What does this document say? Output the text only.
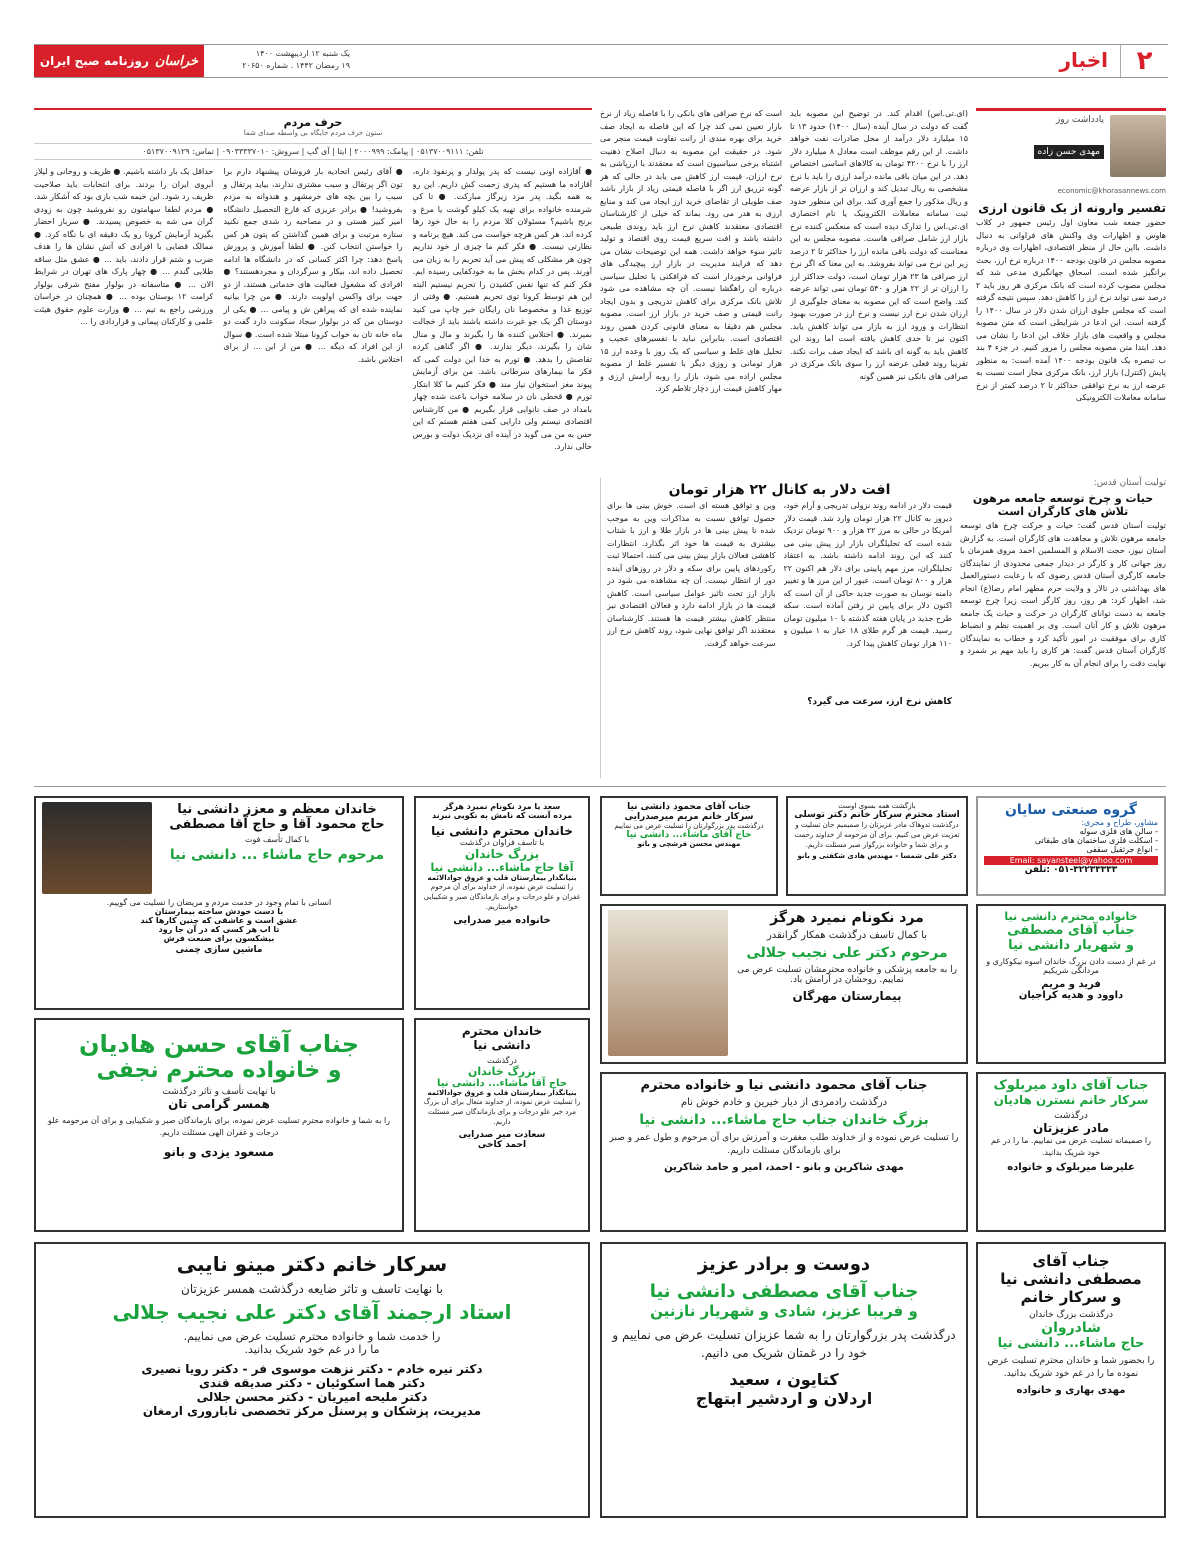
۲
اخبار
یک شنبه ۱۲ اردیبهشت ۱۴۰۰
۱۹ رمضان ۱۴۴۲ . شماره ۲۰۶۵۰
خراسان
روزنامه صبح ایران
یادداشت روز
مهدی حسن زاده
economic@khorasannews.com
تفسیر وارونه از یک قانون ارزی
حضور جمعه شب معاون اول رئیس جمهور در کلاب هاوس و اظهارات وی واکنش های فراوانی به دنبال داشت. بااین حال از منظر اقتصادی، اظهارات وی درباره مصوبه مجلس در قانون بودجه ۱۴۰۰ درباره نرخ ارز، بحث برانگیز شده است. اسحاق جهانگیری مدعی شد که مجلس مصوب کرده است که بانک مرکزی هر روز باید ۲ درصد نمی تواند نرخ ارز را کاهش دهد. سپس نتیجه گرفته است که مجلس جلوی ارزان شدن دلار در سال ۱۴۰۰ را گرفته است. این ادعا در شرایطی است که متن مصوبه مجلس و واقعیت های بازار خلاف این ادعا را نشان می دهد. ابتدا متن مصوبه مجلس را مرور کنیم. در جزء ۴ بند ب تبصره یک قانون بودجه ۱۴۰۰ آمده است: به منظور پایش (کنترل) بازار ارز، بانک مرکزی مجاز است نسبت به عرضه ارز به نرخ توافقی حداکثر تا ۲ درصد کمتر از نرخ سامانه معاملات الکترونیکی
(ای.تی.اس) اقدام کند. در توضیح این مصوبه باید گفت که دولت در سال آینده (سال ۱۴۰۰) حدود ۱۳ تا ۱۵ میلیارد دلار درآمد از محل صادرات نفت خواهد داشت. از این رقم موظف است معادل ۸ میلیارد دلار ارز را با نرخ ۴۲۰۰ تومان به کالاهای اساسی اختصاص دهد. در این میان باقی مانده درآمد ارزی را باید با نرخ مشخصی به ریال تبدیل کند و ارزان تر از بازار عرضه و ریال مذکور را جمع آوری کند. برای این منظور حدود ثبت سامانه معاملات الکترونیک یا نام اختصاری ای.تی.اس را تدارک دیده است که منعکس کننده نرخ بازار ارز شامل صرافی هاست. مصوبه مجلس به این معناست که دولت باقی مانده ارز را حداکثر تا ۲ درصد زیر این نرخ می تواند بفروشد. به این معنا که اگر نرخ ارز صرافی ها ۲۳ هزار تومان است، دولت حداکثر ارز را ارزان تر از ۲۲ هزار و ۵۴۰ تومان نمی تواند عرضه کند. واضح است که این مصوبه به معنای جلوگیری از ارزان شدن نرخ ارز نیست و نرخ ارز در صورت بهبود انتظارات و ورود ارز به بازار می تواند کاهش یابد. اکنون نیز تا حدی کاهش یافته است اما روند این کاهش باید به گونه ای باشد که ایجاد صف برات نکند. تقریبا روند فعلی عرضه ارز را سوی بانک مرکزی در صرافی های بانکی نیز همین گونه
است که نرخ صرافی های بانکی را با فاصله زیاد از نرخ بازار تعیین نمی کند چرا که این فاصله به ایجاد صف خرید برای بهره مندی از رانت تفاوت قیمت منجر می شود. در حقیقت این مصوبه به دنبال اصلاح ذهنیت اشتباه برخی سیاسیون است که معتقدند با ارزپاشی به نرخ ارزان، قیمت ارز کاهش می یابد در حالی که هر گونه تزریق ارز اگر با فاصله قیمتی زیاد از بازار باشد صف طویلی از تقاضای خرید ارز ایجاد می کند و منابع ارزی به هدر می رود. بماند که خیلی از کارشناسان اقتصادی معتقدند کاهش نرخ ارز باید روندی طبیعی داشته باشد و افت سریع قیمت روی اقتصاد و تولید تاثیر سوء خواهد داشت. همه این توضیحات نشان می دهد که فرایند مدیریت در بازار ارز پیچیدگی های فراوانی برخوردار است که فرافکنی یا تحلیل سیاسی درباره آن راهگشا نیست. آن چه مشاهده می شود تلاش بانک مرکزی برای کاهش تدریجی و بدون ایجاد رانت قیمتی و صف خرید در بازار ارز است. مصوبه مجلس هم دقیقا به معنای قانونی کردن همین روند اقتصادی است. بنابراین نباید با تفسیرهای عجیب و تحلیل های غلط و سیاسی که یک روز با وعده ارز ۱۵ هزار تومانی و روزی دیگر با تفسیر غلط از مصوبه مجلس اراده می شود، بازار را روبه آرامش ارزی و مهار کاهش قیمت ارز دچار تلاطم کرد.
حرف مردم
ستون حرف مردم جایگاه بی واسطه صدای شما
تلفن: ۰۵۱۳۷۰۰۹۱۱۱ | پیامک: ۲۰۰۰۹۹۹ | ایتا | آی گپ | سروش: ۰۹۰۳۳۳۳۷۰۱۰ | تماس: ۰۵۱۳۷۰۰۹۱۲۹
● آقازاده اونی نیست که پدر پولدار و پرنفوذ داره، آقازاده ما هستیم که پدری زحمت کش داریم. این رو به همه بگید. پدر مرد زیرگاز مبارکت. ● تا کی شرمنده خانواده برای تهیه یک کیلو گوشت یا مرغ و برنج باشیم؟ مسئولان کلا مردم را به حال خود رها کرده اند. هر کس هرچه خواست می کند. هیچ برنامه و نظارتی نیست. ● فکر کنم ما چیزی از خود نداریم چون هر مشکلی که پیش می آید تحریم را به زبان می آورند. پس در کدام بخش ما به خودکفایی رسیده ایم. فکر کنم که تنها نفس کشیدن را تحریم نیستیم البته این هم توسط کرونا توی تحریم هستیم. ● وقتی از توزیع غذا و مخصوصا نان رایگان خبر چاپ می کنید دوستان اگر یک جو غیرت داشته باشند باید از خجالت بمیرند. ● اختلاس کننده ها را بگیرند و مال و منال شان را بگیرند، دیگر ندارند. ● اگر گناهی کرده تقاصش را بدهد. ● تورم به خدا این دولت کمی که فکر ما بیمارهای سرطانی باشد. من برای آزمایش پیوند مغز استخوان نیاز مند ● فکر کنیم ما کلا ابتکار تورم ● قحطی نان در سلامه خواب باعث شده چهار بامداد در صف نانوایی قرار بگیریم ● من کارشناس اقتصادی نیستم ولی دارایی کمی هفتم هستم که این حس به من می گوید در آینده ای نزدیک دولت و بورس حالی ندارد.
● آقای رئیس اتحادیه بار فروشان پیشنهاد دارم برا تون اگر پرتقال و سیب مشتری ندارند، بیاید پرتقال و سیب را بین بچه های خرمشهر و هندوانه به مردم بفروشید! ● برادر عزیزی که فارغ التحصیل دانشگاه امیر کبیر هستی و در مصاحبه رد شدی جمع نکنید ستاره مرتبت و برای همین گذاشتن که پتون هر کس را خواستن انتخاب کنن. ● لطفا آموزش و پرورش پاسخ دهد: چرا اکثر کسانی که در دانشگاه ها ادامه تحصیل داده اند، بیکار و سرگردان و مجردهستند؟ ● افرادی که مشغول فعالیت های خدماتی هستند، از دو جهت برای واکسن اولویت دارند. ● من چرا بیانیه نماینده شده ای که پیراهن ش و پیامی ... ● یکی از دوستان من که در بولوار سجاد سکونت دارد گفت دو ماه خانه تان به خواب کرونا مبتلا شده است. ● سوال از این افراد که دیگه ... ● من از این ... از برای اختلاس باشد.
حداقل یک بار داشته باشیم. ● ظریف و روحانی و لیلاز آبروی ایران را بردند. برای انتخابات باید صلاحیت ظریف رد شود. این خیمه شب بازی بود که آشکار شد. ● مردم لطفا سهامتون رو نفروشید چون به زودی گران می شه به خصوص پسیدند. ● سرباز احضار بگیرید آزمایش کرونا رو یک دقیقه ای با نگاه کرد. ● ممالک قضایی با افرادی که آتش نشان ها را هدف ضرب و شتم قرار دادند، باید ... ● عشق مثل ساقه طلایی گندم ... ● چهار پارک های تهران در شرایط الان ... ● متاسفانه در بولوار مفتح شرقی بولوار کرامت ۱۲ بوستان بوده ... ● همچنان در خراسان ورزشی راجع به تیم ... ● وزارت علوم حقوق هیئت علمی و کارکنان پیمانی و قراردادی را ...
تولیت آستان قدس:
حیات و چرخ توسعه جامعه مرهون تلاش های کارگران است
تولیت آستان قدس گفت: حیات و حرکت چرخ های توسعه جامعه مرهون تلاش و مجاهدت های کارگران است. به گزارش آستان نیوز، حجت الاسلام و المسلمین احمد مروی همزمان با روز جهانی کار و کارگر در دیدار جمعی محدودی از نمایندگان جامعه کارگری آستان قدس رضوی که با رعایت دستورالعمل های بهداشتی در تالار و ولایت حرم مطهر امام رضا(ع) انجام شد، اظهار کرد: هر روز، روز کارگر است زیرا چرخ توسعه جامعه به دست توانای کارگران در حرکت و حیات یک جامعه مرهون تلاش و کار آنان است. وی بر اهمیت نظم و انضباط کاری برای موفقیت در امور تأکید کرد و خطاب به نمایندگان کارگران آستان قدس گفت: هر کاری را باید مهم بر شمرد و نهایت دقت را برای انجام آن به کار ببریم.
افت دلار به کانال ۲۲ هزار تومان
قیمت دلار در ادامه روند نزولی تدریجی و آرام خود، دیروز به کانال ۲۲ هزار تومان وارد شد. قیمت دلار آمریکا در حالی به مرز ۲۲ هزار و ۹۰۰ تومان نزدیک شده است که تحلیلگران بازار ارز پیش بینی می کنند که این روند ادامه داشته باشد. به اعتقاد تحلیلگران، مرز مهم پایینی برای دلار هم اکنون ۲۲ هزار و ۸۰۰ تومان است. عبور از این مرز ها و تغییر دامنه نوسان به صورت جدید حاکی از آن است که اکنون دلار برای پایین تر رفتن آماده است. سکه طرح جدید در پایان هفته گذشته با ۱۰ میلیون تومان رسید. قیمت هر گرم طلای ۱۸ عیار به ۱ میلیون و ۱۱۰ هزار تومان کاهش پیدا کرد.
کاهش نرخ ارز، سرعت می گیرد؟
وین و توافق هسته ای است. خوش بینی ها برای حصول توافق نسبت به مذاکرات وین به موجب شده تا پیش بینی ها در بازار طلا و ارز با شتاب بیشتری به قیمت ها خود اثر بگذارد. انتظارات کاهشی فعالان بازار بیش بینی می کنند، احتمالا ثبت رکوردهای پایین برای سکه و دلار در روزهای آینده دور از انتظار نیست. آن چه مشاهده می شود در بازار ارز تحت تاثیر عوامل سیاسی است. کاهش قیمت ها در بازار ادامه دارد و فعالان اقتصادی نیز منتظر کاهش بیشتر قیمت ها هستند. کارشناسان معتقدند اگر توافق نهایی شود، روند کاهش نرخ ارز سرعت خواهد گرفت.
گروه صنعتی سایان
مشاور، طراح و مجری:
- سالن های فلزی سوله
- اسکلت فلزی ساختمان های طبقاتی
- انواع جرثقیل سقفی
Email: sayansteel@yahoo.com
۰۵۱-۳۲۲۳۳۳۳۳ :تلفن
بازگشت همه بسوی اوست
استاد محترم سرکار خانم دکتر توسلی
درگذشت تدوهاک مادر عزیزتان را صمیمیم جان تسلیت و تعزیت عرض می کنیم. برای آن مرحومه از خداوند رحمت و برای شما و خانواده بزرگوار صبر مسئلت داریم.
دکتر علی شمسا - مهندس هادی شکفتی و بانو
جناب آقای محمود دانشی نیا
سرکار خانم مریم میرصدرایی
درگذشت پدر بزرگوارتان را تسلیت عرض می نماییم
حاج آقای ماشاء... دانشی نیا
مهندس محسن فرشچی و بانو
سعد یا مرد نکونام نمیرد هرگز
مرده آنست که نامش به نکویی نبرند
خاندان محترم دانشی نیا
با تاسف فراوان درگذشت
بزرگ خاندان
آقا حاج ماشاء... دانشی نیا
بنیانگذار بیمارستان قلب و عروق جوادالائمه
را تسلیت عرض نموده، از خداوند برای آن مرحوم غفران و علو درجات و برای بازماندگان صبر و شکیبایی خواستاریم.
خانواده میر صدرایی
خاندان معظم و معزز دانشی نیا
حاج محمود آقا و حاج آقا مصطفی
با کمال تأسف فوت
مرحوم حاج ماشاء ... دانشی نیا
انسانی با تمام وجود در خدمت مردم و مریضان را تسلیت می گوییم.
با دست خودش ساخته بیمارستان
عشق است و عاشقی که چنین کارها کند
تا اب هر کسی که در آن جا رود
بیشکسون برای صنعت فرش
ماشین سازی چمنی
خانواده محترم دانشی نیا
جناب آقای مصطفی
و شهریار دانشی نیا
در غم از دست دادن بزرگ خاندان اسوه نیکوکاری و مردانگی شریکیم
فرید و مریم
داوود و هدیه کراجیان
مرد نکونام نمیرد هرگز
با کمال تاسف درگذشت همکار گرانقدر
مرحوم دکتر علی نجیب جلالی
را به جامعه پزشکی و خانواده محترمشان تسلیت عرض می نماییم. روحشان در آرامش باد.
بیمارستان مهرگان
خاندان محترم
دانشی نیا
درگذشت
بزرگ خاندان
حاج آقا ماشاء... دانشی نیا
بنیانگذار بیمارستان قلب و عروق جوادالائمه
را تسلیت عرض نموده، از خداوند متعال برای آن بزرگ مرد خیر علو درجات و برای بازماندگان صبر مسئلت داریم.
سعادت میر صدرایی
احمد کاخی
جناب آقای حسن هادیان
و خانواده محترم نجفی
با نهایت تأسف و تاثر درگذشت
همسر گرامی تان
را به شما و خانواده محترم تسلیت عرض نموده، برای بازماندگان صبر و شکیبایی و برای آن مرحومه علو درجات و غفران الهی مسئلت داریم.
مسعود یزدی و بانو
جناب آقای محمود دانشی نیا و خانواده محترم
درگذشت رادمردی از دیار خیرین و خادم خوش نام
بزرگ خاندان جناب حاج ماشاء... دانشی نیا
را تسلیت عرض نموده و از خداوند طلب مغفرت و آمرزش برای آن مرحوم و طول عمر و صبر برای بازماندگان مسئلت داریم.
مهدی شاکرین و بانو - احمد، امیر و حامد شاکرین
جناب آقای داود میربلوک
سرکار خانم نسترن هادیان
درگذشت
مادر عزیزتان
را صمیمانه تسلیت عرض می نماییم. ما را در غم خود شریک بدانید.
علیرضا میربلوک و خانواده
سرکار خانم دکتر مینو نایبی
با نهایت تاسف و تاثر ضایعه درگذشت همسر عزیزتان
استاد ارجمند آقای دکتر علی نجیب جلالی
را خدمت شما و خانواده محترم تسلیت عرض می نماییم.
ما را در غم خود شریک بدانید.
دکتر نیره خادم - دکتر نزهت موسوی فر - دکتر رویا نصیری
دکتر هما اسکوئیان - دکتر صدیقه قندی
دکتر ملیحه امیریان - دکتر محسن جلالی
مدیریت، پزشکان و پرسنل مرکز تخصصی ناباروری ارمغان
دوست و برادر عزیز
جناب آقای مصطفی دانشی نیا
و فریبا عزیز، شادی و شهریار نازنین
درگذشت پدر بزرگوارتان را به شما عزیزان تسلیت عرض می نماییم و خود را در غمتان شریک می دانیم.
کتایون ، سعید
اردلان و اردشیر ابتهاج
جناب آقای
مصطفی دانشی نیا
و سرکار خانم
درگذشت بزرگ خاندان
شادروان
حاج ماشاء... دانشی نیا
را بحضور شما و خاندان محترم تسلیت عرض نموده ما را در غم خود شریک بدانید.
مهدی بهاری و خانواده
